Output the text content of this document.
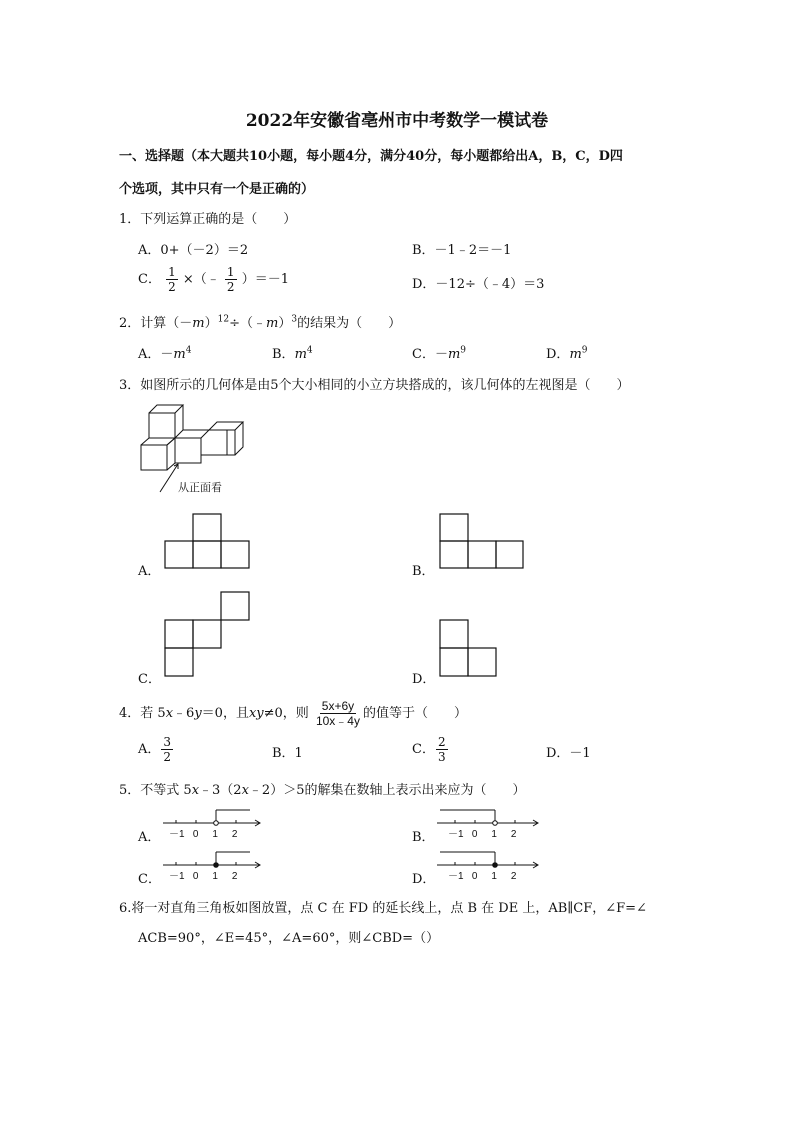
2022年安徽省亳州市中考数学一模试卷
一、选择题（本大题共10小题，每小题4分，满分40分，每小题都给出A，B，C，D四
个选项，其中只有一个是正确的）
1．下列运算正确的是（　　）
A．0+（－2）＝2	B．－1﹣2＝－1
C． $\frac{1}{2}$ ×（﹣ $\frac{1}{2} )=-1$	D．－12÷（﹣4）＝3
2．计算$(-m)^{12}\div(﹣m)^3$的结果为（　　）
A．$-m^4$	B．$m^4$	C．$-m^9$	D．$m^9$
3．如图所示的几何体是由5个大小相同的小立方块搭成的，该几何体的左视图是（　　）
从正面看
A．	B．
C．	D．
4．若 5x﹣6y＝0，且xy≠0，则 $\frac{5x+6y}{10x﹣4y}$ 的值等于（　　）
A． $\frac{3}{2}$	B．1	C． $\frac{2}{3}$	D．－1
5．不等式 5x﹣3（2x﹣2）＞5的解集在数轴上表示出来应为（　　）
A．	B．
C．	D．
－1 0 1 2	－1 0 1 2
－1 0 1 2	－1 0 1 2
6.将一对直角三角板如图放置，点 C 在 FD 的延长线上，点 B 在 DE 上，AB∥CF，∠F=∠
ACB=90°，∠E=45°，∠A=60°，则∠CBD=（）
